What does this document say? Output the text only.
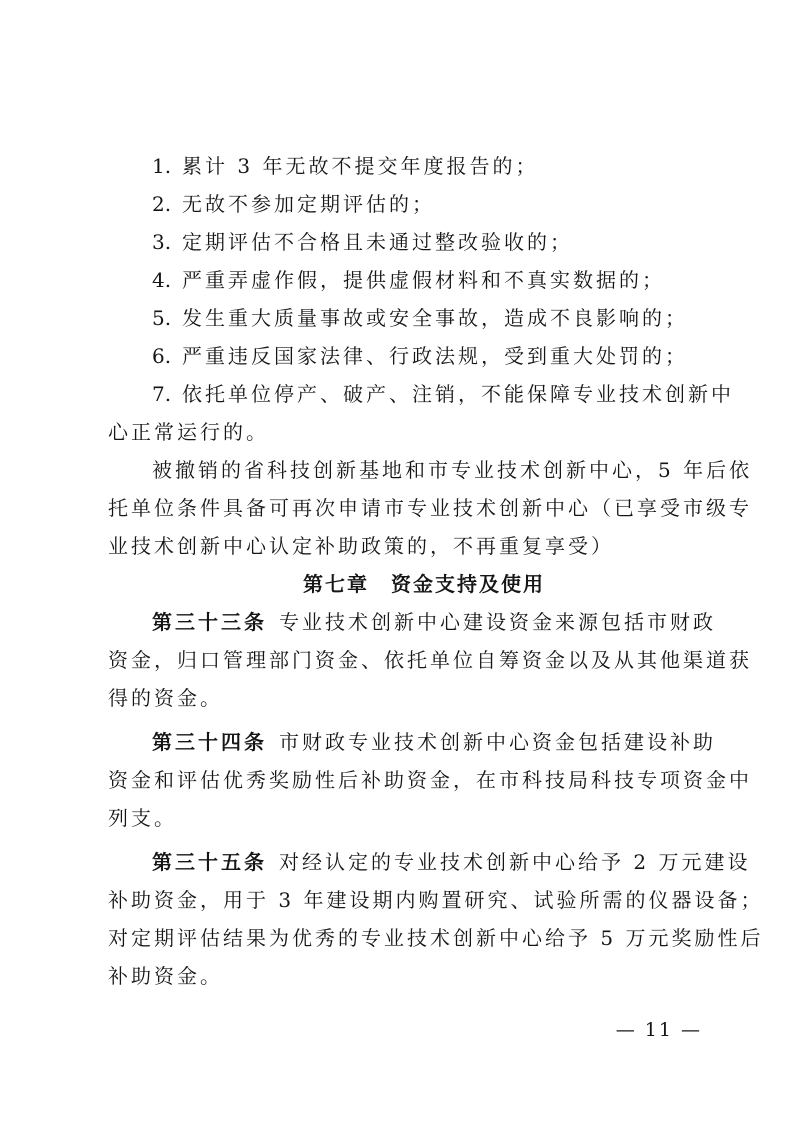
1. 累计 3 年无故不提交年度报告的；
2. 无故不参加定期评估的；
3. 定期评估不合格且未通过整改验收的；
4. 严重弄虚作假，提供虚假材料和不真实数据的；
5. 发生重大质量事故或安全事故，造成不良影响的；
6. 严重违反国家法律、行政法规，受到重大处罚的；
7. 依托单位停产、破产、注销，不能保障专业技术创新中
心正常运行的。
被撤销的省科技创新基地和市专业技术创新中心，5 年后依
托单位条件具备可再次申请市专业技术创新中心（已享受市级专
业技术创新中心认定补助政策的，不再重复享受）
第七章 资金支持及使用
第三十三条 专业技术创新中心建设资金来源包括市财政
资金，归口管理部门资金、依托单位自筹资金以及从其他渠道获
得的资金。
第三十四条 市财政专业技术创新中心资金包括建设补助
资金和评估优秀奖励性后补助资金，在市科技局科技专项资金中
列支。
第三十五条 对经认定的专业技术创新中心给予 2 万元建设
补助资金，用于 3 年建设期内购置研究、试验所需的仪器设备；
对定期评估结果为优秀的专业技术创新中心给予 5 万元奖励性后
补助资金。
— 11 —
